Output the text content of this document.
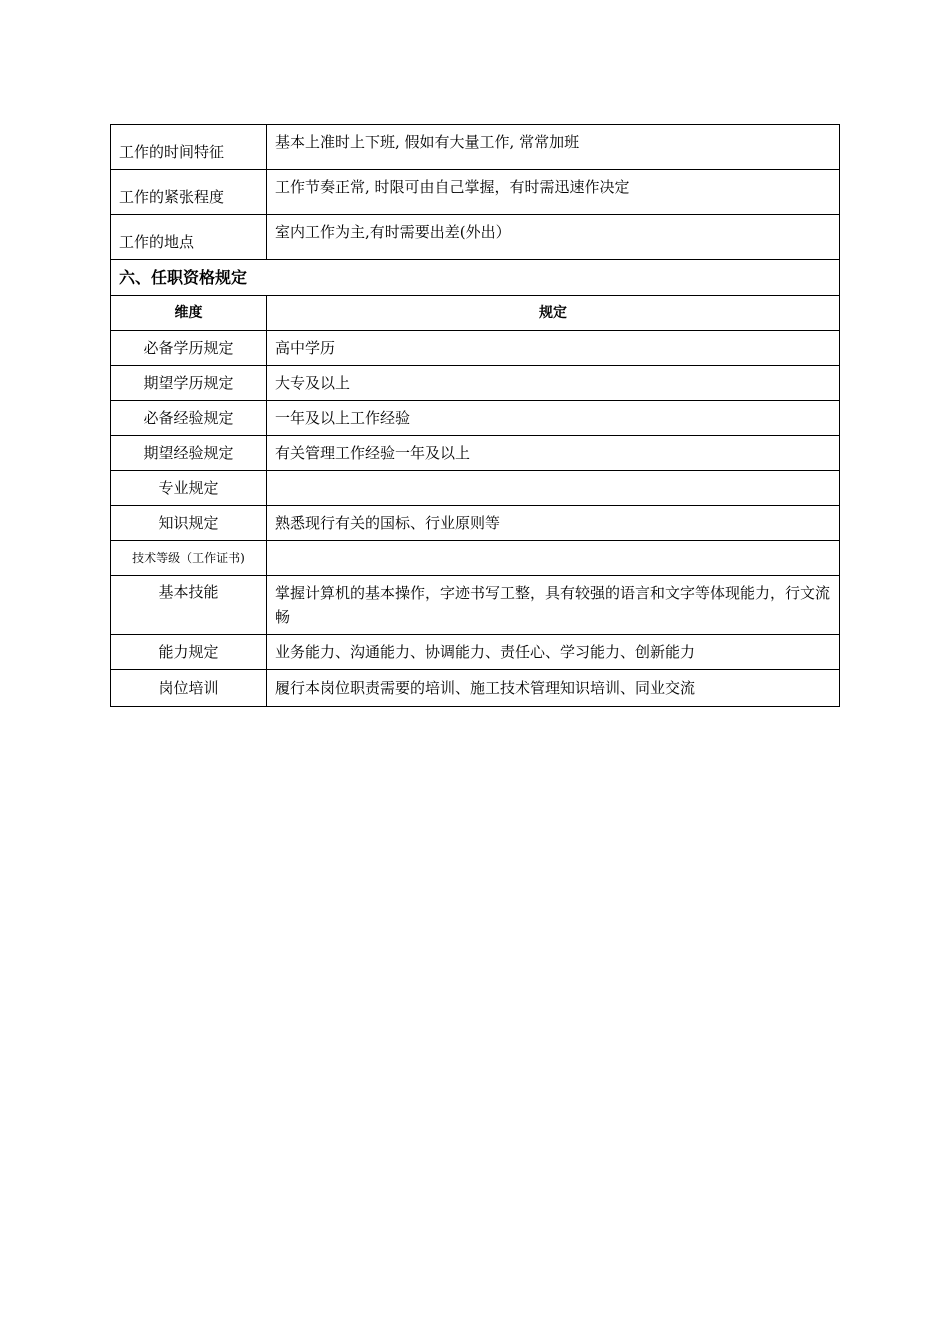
工作的时间特征	基本上准时上下班, 假如有大量工作, 常常加班
工作的紧张程度	工作节奏正常, 时限可由自己掌握，有时需迅速作决定
工作的地点	室内工作为主,有时需要出差(外出）
六、任职资格规定	
维度	规定
必备学历规定	高中学历
期望学历规定	大专及以上
必备经验规定	一年及以上工作经验
期望经验规定	有关管理工作经验一年及以上
专业规定	
知识规定	熟悉现行有关的国标、行业原则等
技术等级（工作证书)	
基本技能	掌握计算机的基本操作，字迹书写工整，具有较强的语言和文字等体现能力，行文流畅
能力规定	业务能力、沟通能力、协调能力、责任心、学习能力、创新能力
岗位培训	履行本岗位职责需要的培训、施工技术管理知识培训、同业交流
